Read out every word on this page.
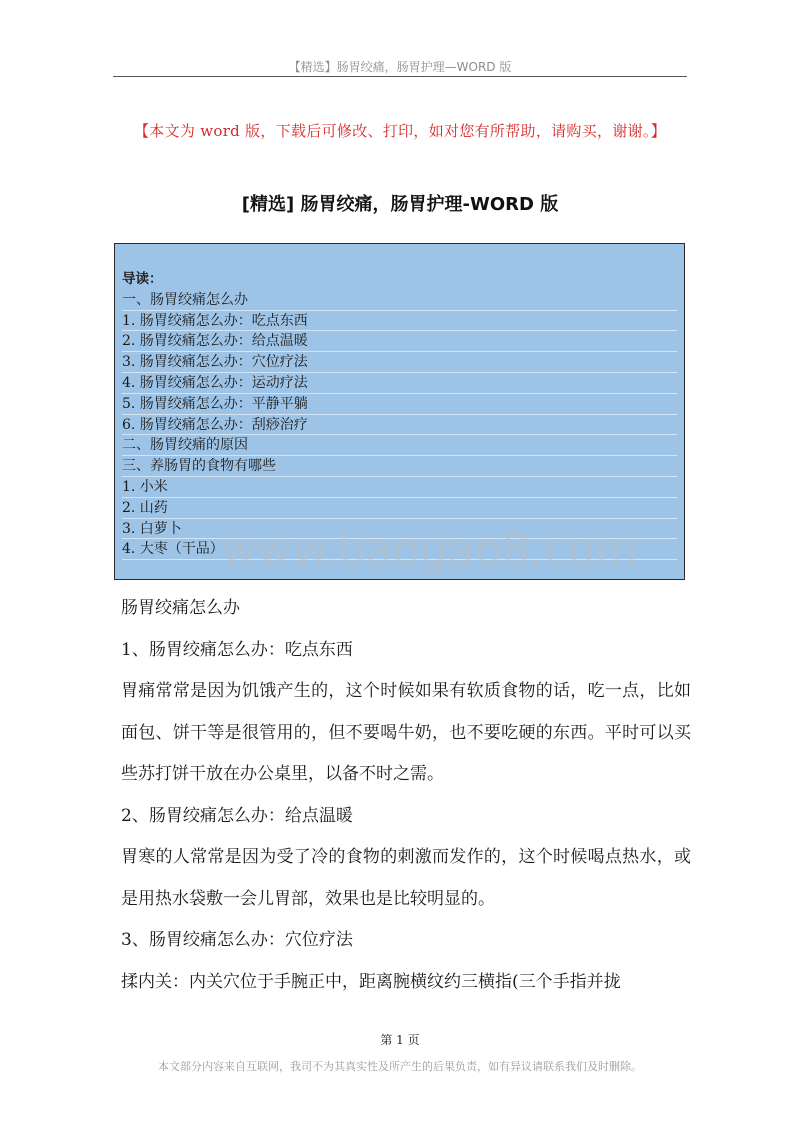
【精选】肠胃绞痛，肠胃护理—WORD 版
【本文为 word 版，下载后可修改、打印，如对您有所帮助，请购买，谢谢。】
[精选] 肠胃绞痛，肠胃护理-WORD 版
导读：
一、肠胃绞痛怎么办
1. 肠胃绞痛怎么办：吃点东西
2. 肠胃绞痛怎么办：给点温暖
3. 肠胃绞痛怎么办：穴位疗法
4. 肠胃绞痛怎么办：运动疗法
5. 肠胃绞痛怎么办：平静平躺
6. 肠胃绞痛怎么办：刮痧治疗
二、肠胃绞痛的原因
三、养肠胃的食物有哪些
1. 小米
2. 山药
3. 白萝卜
4. 大枣（干品）
www.baogao8.com

肠胃绞痛怎么办

1、肠胃绞痛怎么办：吃点东西

胃痛常常是因为饥饿产生的，这个时候如果有软质食物的话，吃一点，比如面包、饼干等是很管用的，但不要喝牛奶，也不要吃硬的东西。平时可以买些苏打饼干放在办公桌里，以备不时之需。

2、肠胃绞痛怎么办：给点温暖

胃寒的人常常是因为受了冷的食物的刺激而发作的，这个时候喝点热水，或是用热水袋敷一会儿胃部，效果也是比较明显的。

3、肠胃绞痛怎么办：穴位疗法

揉内关：内关穴位于手腕正中，距离腕横纹约三横指(三个手指并拢

第 1 页
本文部分内容来自互联网，我司不为其真实性及所产生的后果负责，如有异议请联系我们及时删除。
